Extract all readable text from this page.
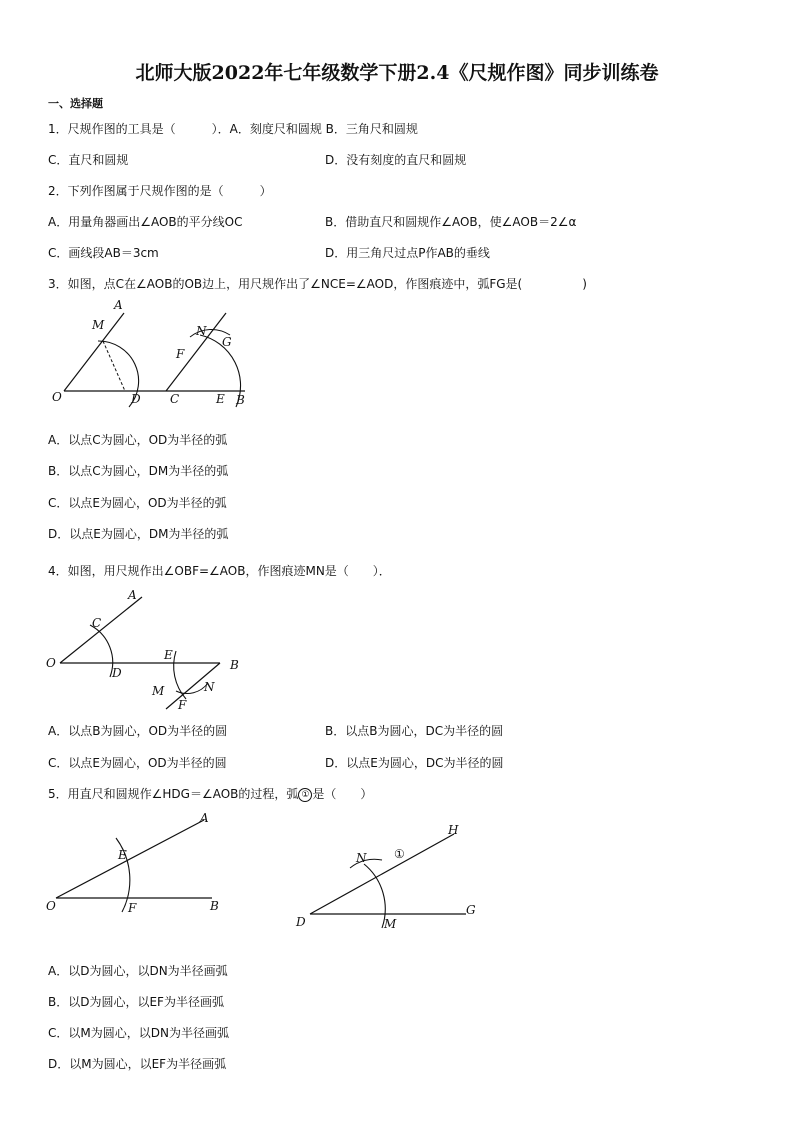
北师大版2022年七年级数学下册2.4《尺规作图》同步训练卷
一、选择题
1．尺规作图的工具是（　　　）．A．刻度尺和圆规 B．三角尺和圆规
C．直尺和圆规	D．没有刻度的直尺和圆规
2．下列作图属于尺规作图的是（　　　）
A．用量角器画出∠AOB的平分线OC	B．借助直尺和圆规作∠AOB，使∠AOB＝2∠α
C．画线段AB＝3cm	D．用三角尺过点P作AB的垂线
3．如图，点C在∠AOB的OB边上，用尺规作出了∠NCE=∠AOD，作图痕迹中，弧FG是(　　　　　)
A
M
O	D
N
G
F
C	E B
A．以点C为圆心，OD为半径的弧
B．以点C为圆心，DM为半径的弧
C．以点E为圆心，OD为半径的弧
D．以点E为圆心，DM为半径的弧
4．如图，用尺规作出∠OBF=∠AOB，作图痕迹MN是（　　）．
A
C
O
D
E
B
M	N
F
A．以点B为圆心，OD为半径的圆	B．以点B为圆心，DC为半径的圆
C．以点E为圆心，OD为半径的圆	D．以点E为圆心，DC为半径的圆
5．用直尺和圆规作∠HDG＝∠AOB的过程，弧 ① 是（　　）
A
E
O	F	B
H
N ①
D	M
G
A．以D为圆心，以DN为半径画弧
B．以D为圆心，以EF为半径画弧
C．以M为圆心，以DN为半径画弧
D．以M为圆心，以EF为半径画弧
